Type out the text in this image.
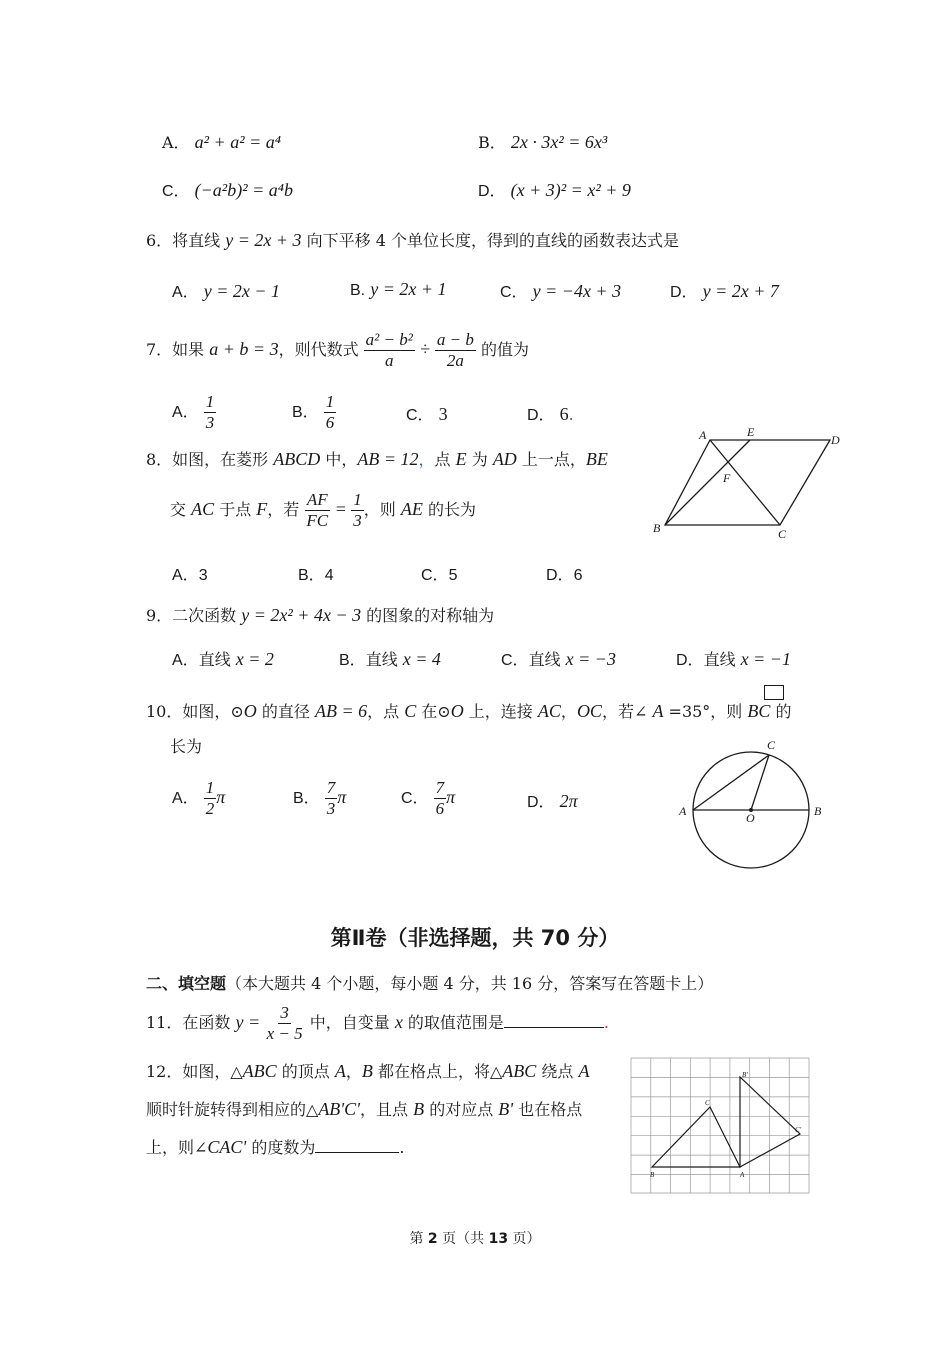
A． a² + a² = a⁴	B． 2x · 3x² = 6x³
C． (−a²b)² = a⁴b	D． (x + 3)² = x² + 9
6．将直线 y = 2x + 3 向下平移 4 个单位长度，得到的直线的函数表达式是
A． y = 2x − 1	B. y = 2x + 1	C． y = −4x + 3	D． y = 2x + 7
7．如果 a + b = 3，则代数式 $\frac{\text{a² − b²}}{a} \div \frac{a - b}{2a}$ 的值为
A． $\frac{1}{3}$	B． $\frac{1}{6}$	C． 3	D． 6.
8．如图，在菱形 ABCD 中，AB = 12，点 E 为 AD 上一点，BE
交 AC 于点 F，若 $\frac{AF}{FC} = \frac{1}{3}$ ，则 AE 的长为
A．3	B．4	C．5	D．6
A	E
D
F
B	C
9．二次函数 y = 2x² + 4x − 3 的图象的对称轴为
A．直线 x = 2	B．直线 x = 4	C．直线 x = −3	D．直线 x = −1
10．如图，⊙O 的直径 AB = 6，点 C 在⊙O 上，连接 AC，OC，若∠ A =35°，则 BC 的
长为
A． $\frac{1}{2}$ π	B． $\frac{7}{3}$ π	C． $\frac{7}{6}$ π	D． 2π	A	B
C
O
第Ⅱ卷（非选择题，共 70 分）
二、填空题（本大题共 4 个小题，每小题 4 分，共 16 分，答案写在答题卡上）
11．在函数 $y = \frac{3}{x - 5}$ 中，自变量 x 的取值范围是	.
12．如图，△ABC 的顶点 A，B 都在格点上，将△ABC 绕点 A
顺时针旋转得到相应的△AB'C'，且点 B 的对应点 B' 也在格点
上，则∠CAC' 的度数为	.
B'
C
C'
B	A
第 2 页（共 13 页）
